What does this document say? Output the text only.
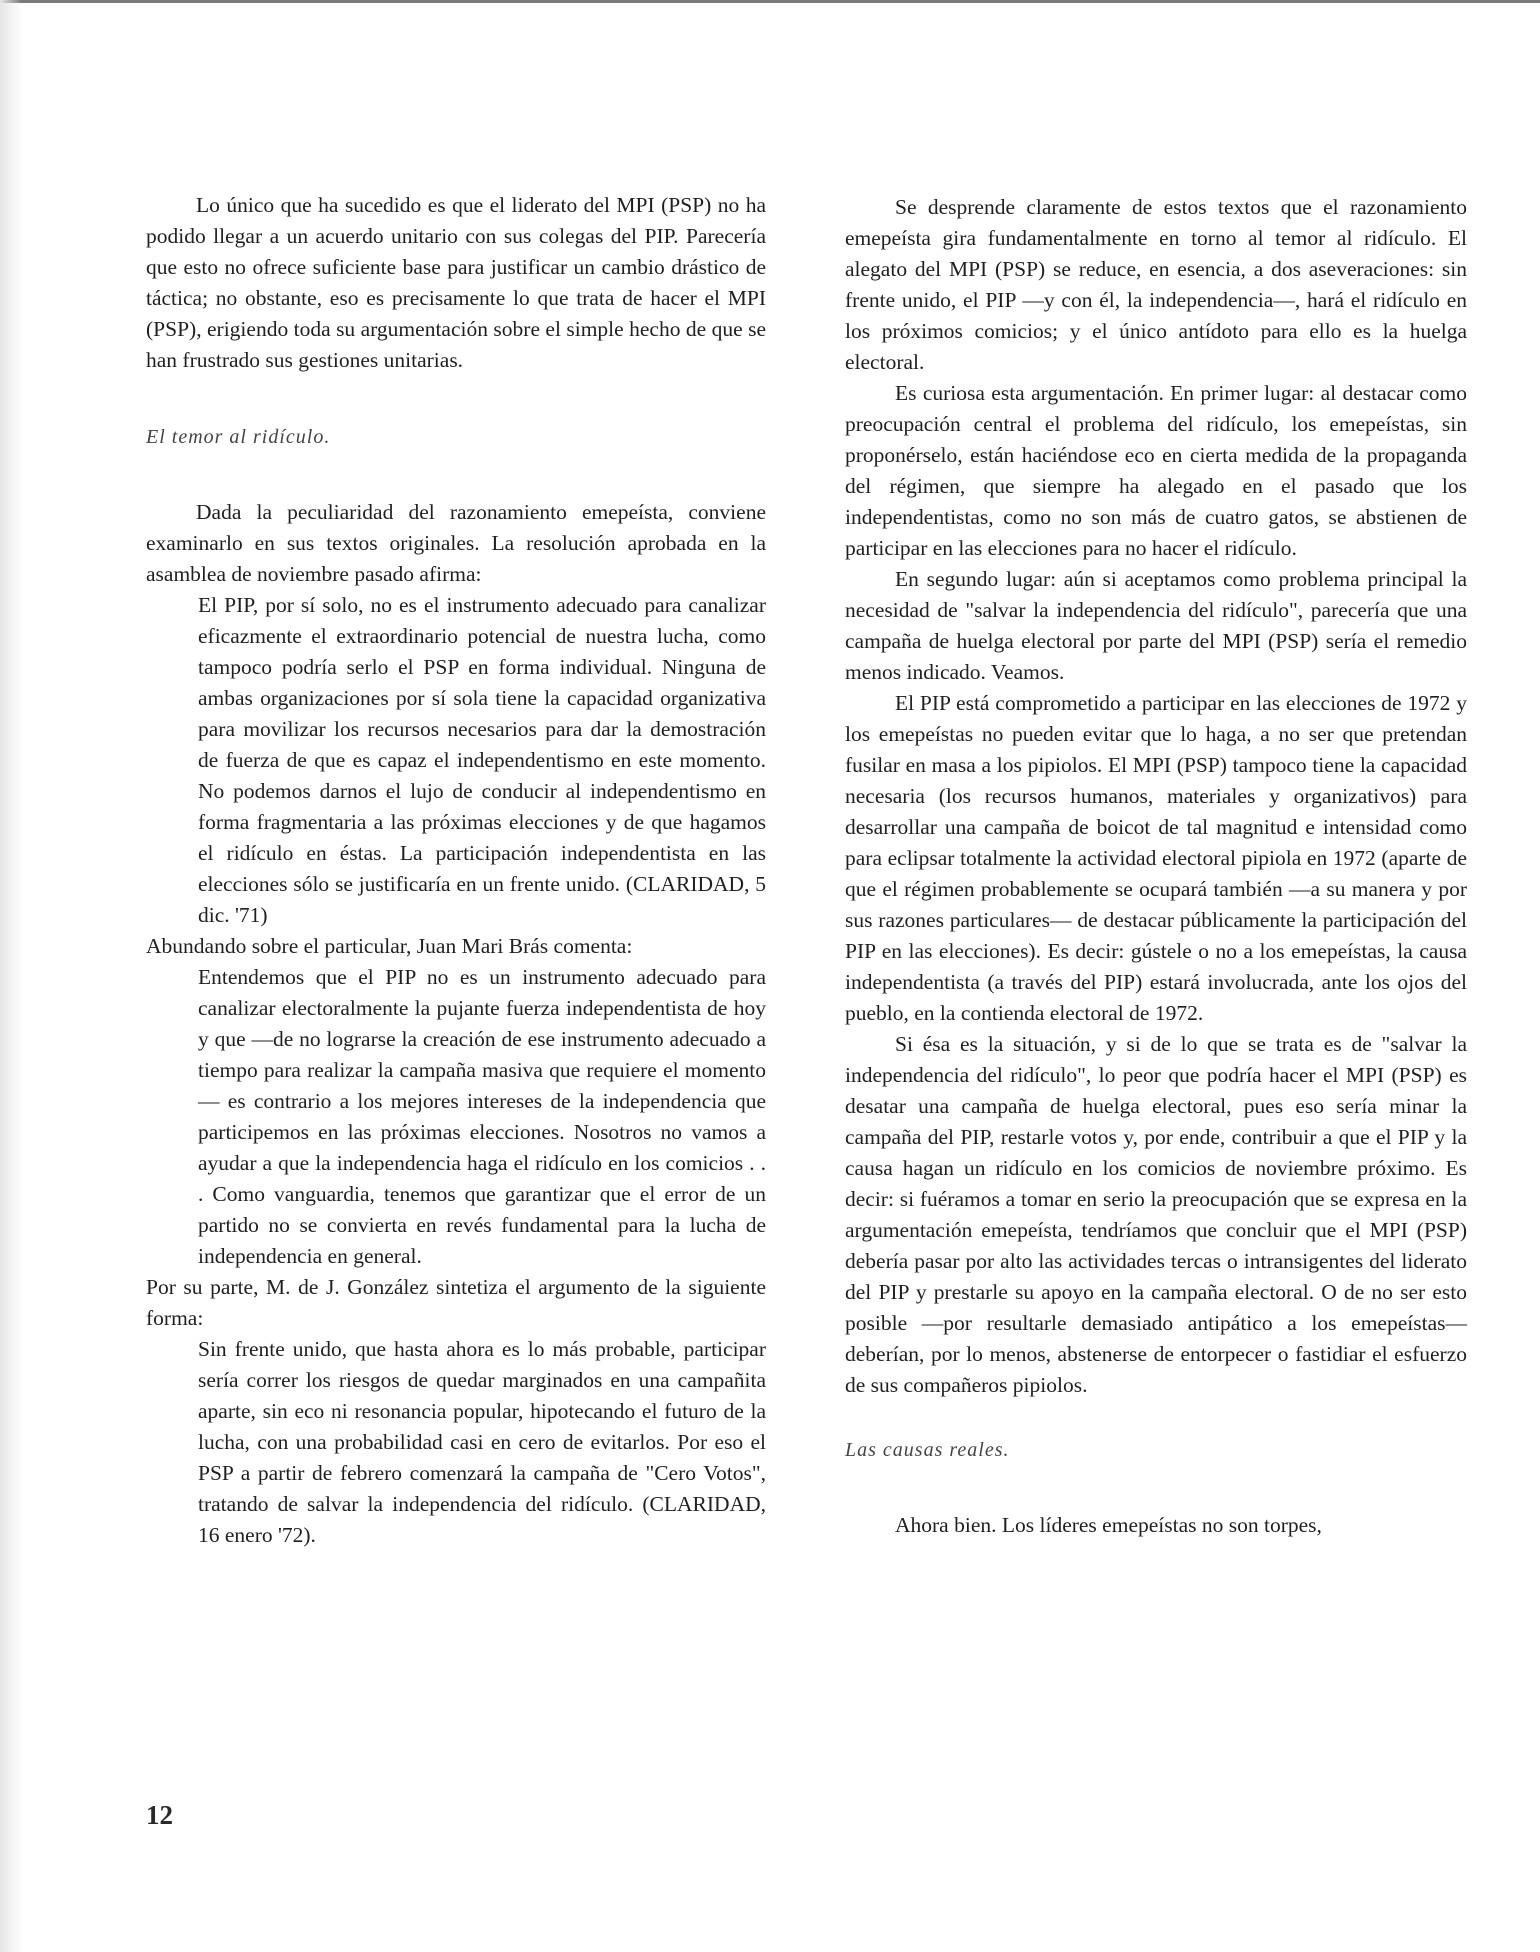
Lo único que ha sucedido es que el liderato del MPI (PSP) no ha podido llegar a un acuerdo unitario con sus colegas del PIP. Parecería que esto no ofrece suficiente base para justificar un cambio drástico de táctica; no obstante, eso es precisamente lo que trata de hacer el MPI (PSP), erigiendo toda su argumentación sobre el simple hecho de que se han frustrado sus gestiones unitarias.

El temor al ridículo.

Dada la peculiaridad del razonamiento emepeísta, conviene examinarlo en sus textos originales. La resolución aprobada en la asamblea de noviembre pasado afirma:

El PIP, por sí solo, no es el instrumento adecuado para canalizar eficazmente el extraordinario potencial de nuestra lucha, como tampoco podría serlo el PSP en forma individual. Ninguna de ambas organizaciones por sí sola tiene la capacidad organizativa para movilizar los recursos necesarios para dar la demostración de fuerza de que es capaz el independentismo en este momento. No podemos darnos el lujo de conducir al independentismo en forma fragmentaria a las próximas elecciones y de que hagamos el ridículo en éstas. La participación independentista en las elecciones sólo se justificaría en un frente unido. (CLARIDAD, 5 dic. '71)

Abundando sobre el particular, Juan Mari Brás comenta:

Entendemos que el PIP no es un instrumento adecuado para canalizar electoralmente la pujante fuerza independentista de hoy y que —de no lograrse la creación de ese instrumento adecuado a tiempo para realizar la campaña masiva que requiere el momento— es contrario a los mejores intereses de la independencia que participemos en las próximas elecciones. Nosotros no vamos a ayudar a que la independencia haga el ridículo en los comicios . . . Como vanguardia, tenemos que garantizar que el error de un partido no se convierta en revés fundamental para la lucha de independencia en general.

Por su parte, M. de J. González sintetiza el argumento de la siguiente forma:

Sin frente unido, que hasta ahora es lo más probable, participar sería correr los riesgos de quedar marginados en una campañita aparte, sin eco ni resonancia popular, hipotecando el futuro de la lucha, con una probabilidad casi en cero de evitarlos. Por eso el PSP a partir de febrero comenzará la campaña de "Cero Votos", tratando de salvar la independencia del ridículo. (CLARIDAD, 16 enero '72).

Se desprende claramente de estos textos que el razonamiento emepeísta gira fundamentalmente en torno al temor al ridículo. El alegato del MPI (PSP) se reduce, en esencia, a dos aseveraciones: sin frente unido, el PIP —y con él, la independencia—, hará el ridículo en los próximos comicios; y el único antídoto para ello es la huelga electoral.

Es curiosa esta argumentación. En primer lugar: al destacar como preocupación central el problema del ridículo, los emepeístas, sin proponérselo, están haciéndose eco en cierta medida de la propaganda del régimen, que siempre ha alegado en el pasado que los independentistas, como no son más de cuatro gatos, se abstienen de participar en las elecciones para no hacer el ridículo.

En segundo lugar: aún si aceptamos como problema principal la necesidad de "salvar la independencia del ridículo", parecería que una campaña de huelga electoral por parte del MPI (PSP) sería el remedio menos indicado. Veamos.

El PIP está comprometido a participar en las elecciones de 1972 y los emepeístas no pueden evitar que lo haga, a no ser que pretendan fusilar en masa a los pipiolos. El MPI (PSP) tampoco tiene la capacidad necesaria (los recursos humanos, materiales y organizativos) para desarrollar una campaña de boicot de tal magnitud e intensidad como para eclipsar totalmente la actividad electoral pipiola en 1972 (aparte de que el régimen probablemente se ocupará también —a su manera y por sus razones particulares— de destacar públicamente la participación del PIP en las elecciones). Es decir: gústele o no a los emepeístas, la causa independentista (a través del PIP) estará involucrada, ante los ojos del pueblo, en la contienda electoral de 1972.

Si ésa es la situación, y si de lo que se trata es de "salvar la independencia del ridículo", lo peor que podría hacer el MPI (PSP) es desatar una campaña de huelga electoral, pues eso sería minar la campaña del PIP, restarle votos y, por ende, contribuir a que el PIP y la causa hagan un ridículo en los comicios de noviembre próximo. Es decir: si fuéramos a tomar en serio la preocupación que se expresa en la argumentación emepeísta, tendríamos que concluir que el MPI (PSP) debería pasar por alto las actividades tercas o intransigentes del liderato del PIP y prestarle su apoyo en la campaña electoral. O de no ser esto posible —por resultarle demasiado antipático a los emepeístas— deberían, por lo menos, abstenerse de entorpecer o fastidiar el esfuerzo de sus compañeros pipiolos.

Las causas reales.

Ahora bien. Los líderes emepeístas no son torpes,

12
